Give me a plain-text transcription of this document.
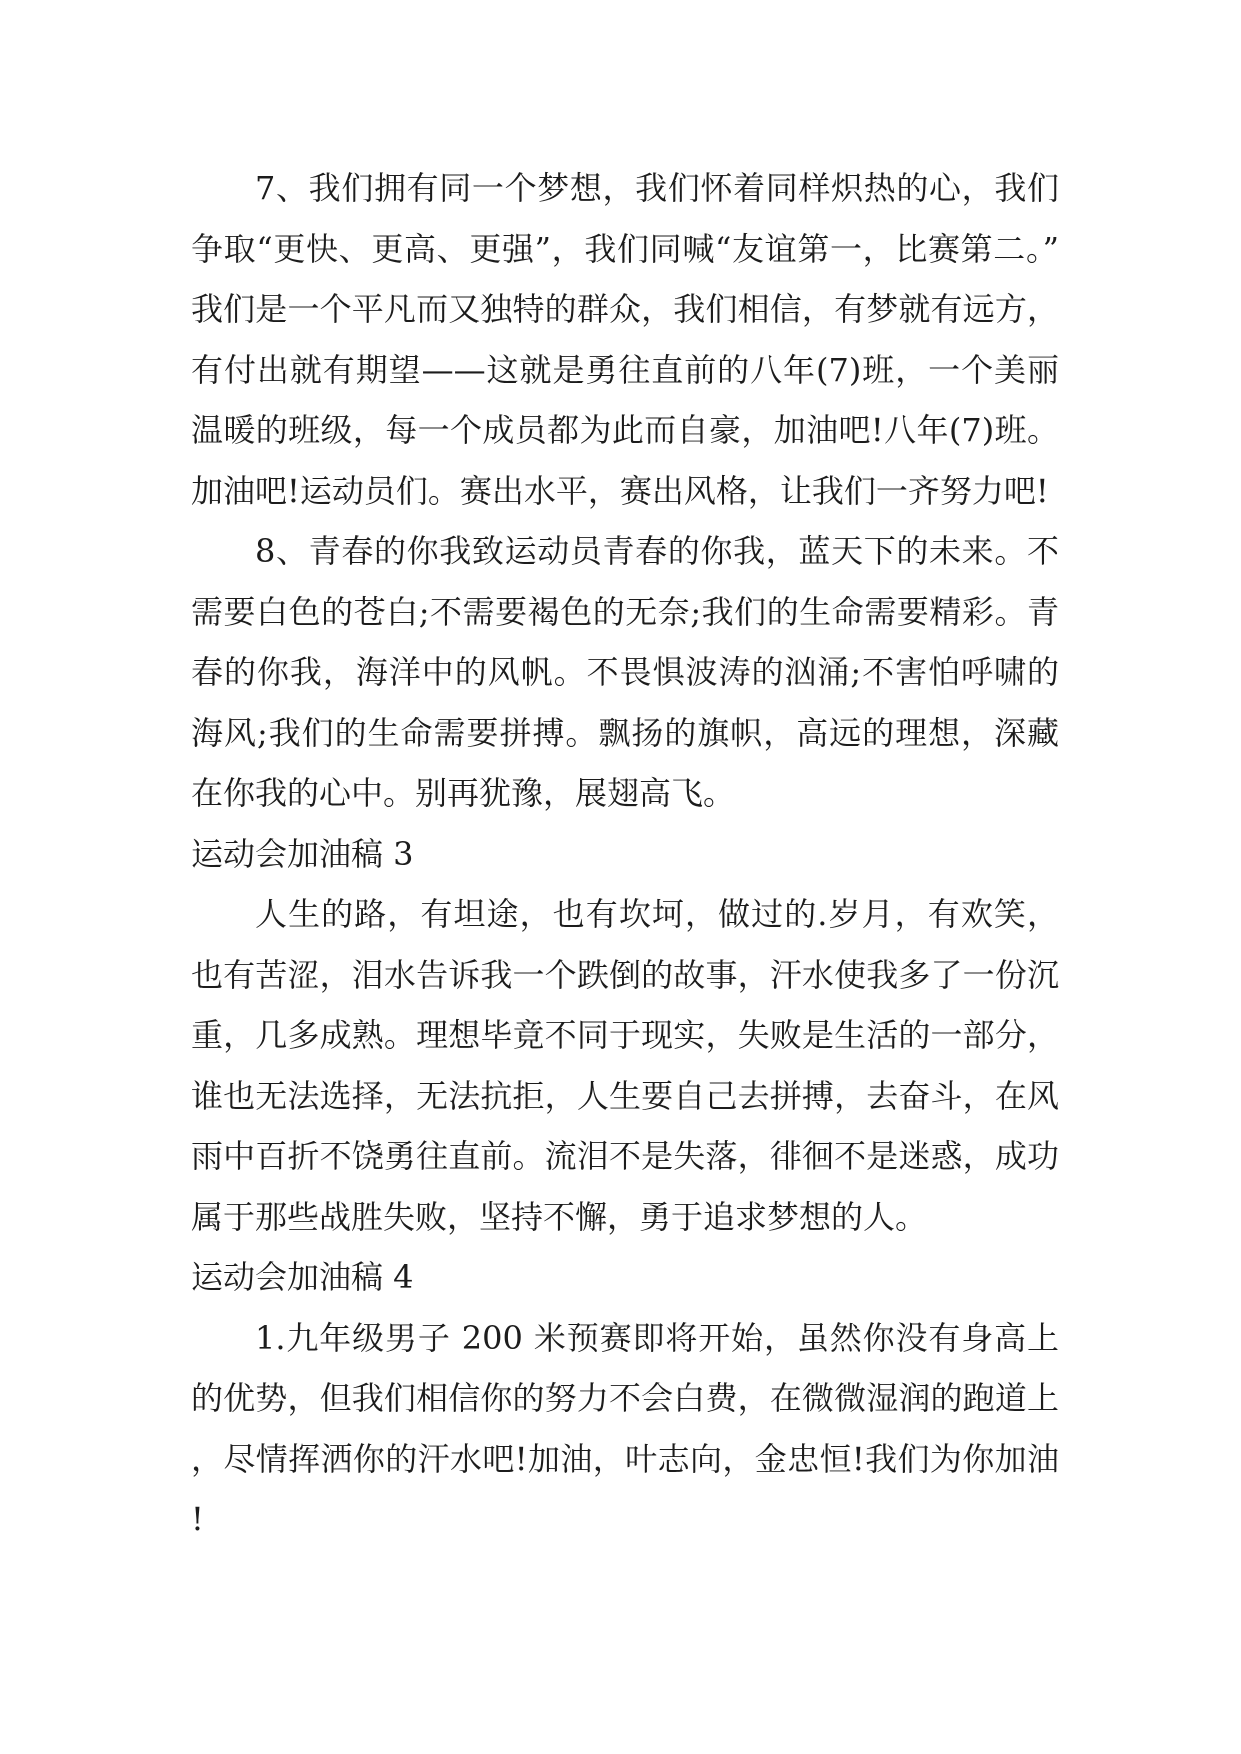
7、我们拥有同一个梦想，我们怀着同样炽热的心，我们争取“更快、更高、更强”，我们同喊“友谊第一，比赛第二。”我们是一个平凡而又独特的群众，我们相信，有梦就有远方，有付出就有期望——这就是勇往直前的八年(7)班，一个美丽温暖的班级，每一个成员都为此而自豪，加油吧!八年(7)班。加油吧!运动员们。赛出水平，赛出风格，让我们一齐努力吧!

8、青春的你我致运动员青春的你我，蓝天下的未来。不需要白色的苍白;不需要褐色的无奈;我们的生命需要精彩。青春的你我，海洋中的风帆。不畏惧波涛的汹涌;不害怕呼啸的海风;我们的生命需要拼搏。飘扬的旗帜，高远的理想，深藏在你我的心中。别再犹豫，展翅高飞。

运动会加油稿 3

人生的路，有坦途，也有坎坷，做过的.岁月，有欢笑，也有苦涩，泪水告诉我一个跌倒的故事，汗水使我多了一份沉重，几多成熟。理想毕竟不同于现实，失败是生活的一部分，谁也无法选择，无法抗拒，人生要自己去拼搏，去奋斗，在风雨中百折不饶勇往直前。流泪不是失落，徘徊不是迷惑，成功属于那些战胜失败，坚持不懈，勇于追求梦想的人。

运动会加油稿 4

1.九年级男子 200 米预赛即将开始，虽然你没有身高上的优势，但我们相信你的努力不会白费，在微微湿润的跑道上，尽情挥洒你的汗水吧!加油，叶志向，金忠恒!我们为你加油!
